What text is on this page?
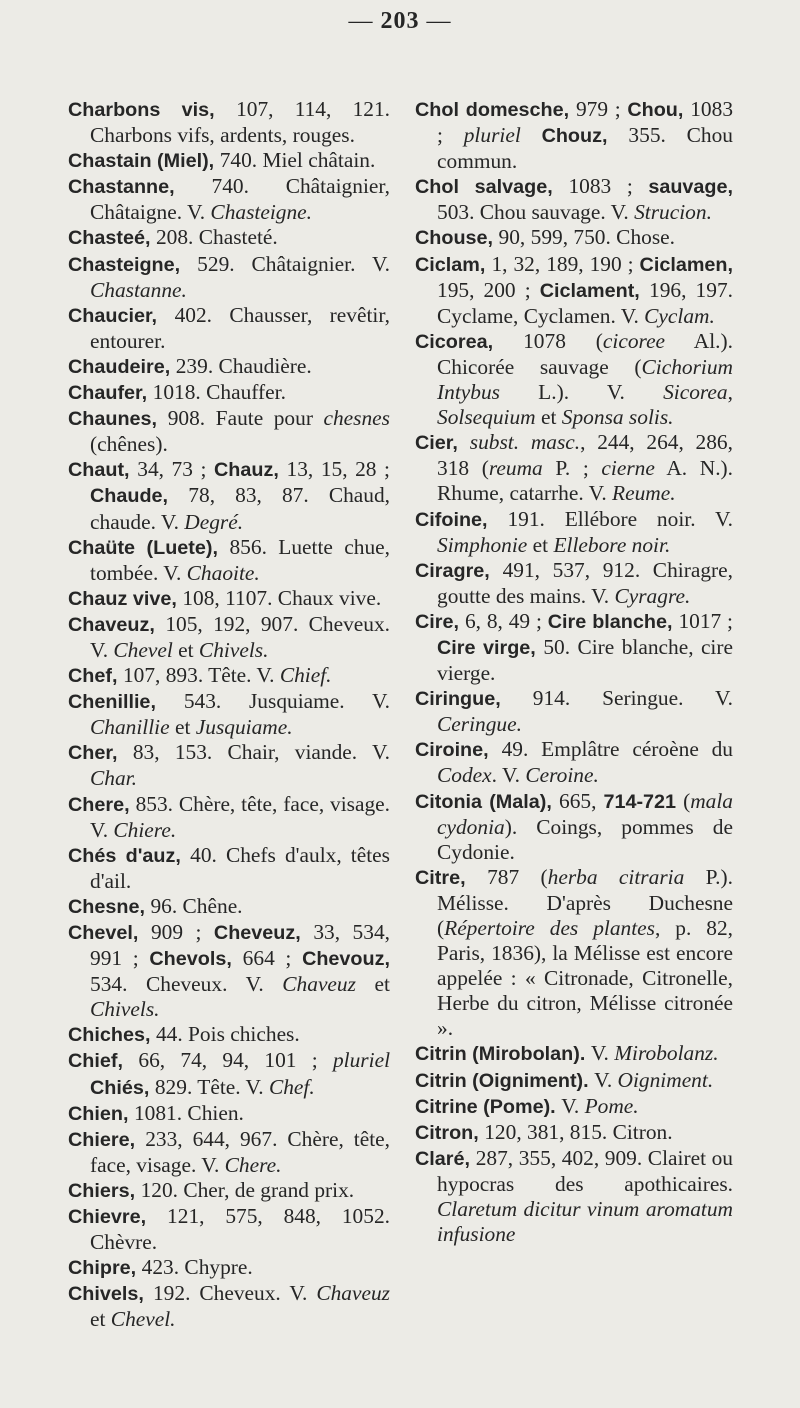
— 203 —

Charbons vis, 107, 114, 121. Charbons vifs, ardents, rouges.

Chastain (Miel), 740. Miel châtain.

Chastanne, 740. Châtaignier, Châtaigne. V. Chasteigne.

Chasteé, 208. Chasteté.

Chasteigne, 529. Châtaignier. V. Chastanne.

Chaucier, 402. Chausser, revêtir, entourer.

Chaudeire, 239. Chaudière.

Chaufer, 1018. Chauffer.

Chaunes, 908. Faute pour chesnes (chênes).

Chaut, 34, 73 ; Chauz, 13, 15, 28 ; Chaude, 78, 83, 87. Chaud, chaude. V. Degré.

Chaüte (Luete), 856. Luette chue, tombée. V. Chaoite.

Chauz vive, 108, 1107. Chaux vive.

Chaveuz, 105, 192, 907. Cheveux. V. Chevel et Chivels.

Chef, 107, 893. Tête. V. Chief.

Chenillie, 543. Jusquiame. V. Chanillie et Jusquiame.

Cher, 83, 153. Chair, viande. V. Char.

Chere, 853. Chère, tête, face, visage. V. Chiere.

Chés d'auz, 40. Chefs d'aulx, têtes d'ail.

Chesne, 96. Chêne.

Chevel, 909 ; Cheveuz, 33, 534, 991 ; Chevols, 664 ; Chevouz, 534. Cheveux. V. Chaveuz et Chivels.

Chiches, 44. Pois chiches.

Chief, 66, 74, 94, 101 ; pluriel Chiés, 829. Tête. V. Chef.

Chien, 1081. Chien.

Chiere, 233, 644, 967. Chère, tête, face, visage. V. Chere.

Chiers, 120. Cher, de grand prix.

Chievre, 121, 575, 848, 1052. Chèvre.

Chipre, 423. Chypre.

Chivels, 192. Cheveux. V. Chaveuz et Chevel.

Chol domesche, 979 ; Chou, 1083 ; pluriel Chouz, 355. Chou commun.

Chol salvage, 1083 ; sauvage, 503. Chou sauvage. V. Strucion.

Chouse, 90, 599, 750. Chose.

Ciclam, 1, 32, 189, 190 ; Ciclamen, 195, 200 ; Ciclament, 196, 197. Cyclame, Cyclamen. V. Cyclam.

Cicorea, 1078 (cicoree Al.). Chicorée sauvage (Cichorium Intybus L.). V. Sicorea, Solsequium et Sponsa solis.

Cier, subst. masc., 244, 264, 286, 318 (reuma P. ; cierne A. N.). Rhume, catarrhe. V. Reume.

Cifoine, 191. Ellébore noir. V. Simphonie et Ellebore noir.

Ciragre, 491, 537, 912. Chiragre, goutte des mains. V. Cyragre.

Cire, 6, 8, 49 ; Cire blanche, 1017 ; Cire virge, 50. Cire blanche, cire vierge.

Ciringue, 914. Seringue. V. Ceringue.

Ciroine, 49. Emplâtre céroène du Codex. V. Ceroine.

Citonia (Mala), 665, 714-721 (mala cydonia). Coings, pommes de Cydonie.

Citre, 787 (herba citraria P.). Mélisse. D'après Duchesne (Répertoire des plantes, p. 82, Paris, 1836), la Mélisse est encore appelée : « Citronade, Citronelle, Herbe du citron, Mélisse citronée ».

Citrin (Mirobolan). V. Mirobolanz.

Citrin (Oigniment). V. Oigniment.

Citrine (Pome). V. Pome.

Citron, 120, 381, 815. Citron.

Claré, 287, 355, 402, 909. Clairet ou hypocras des apothicaires. Claretum dicitur vinum aromatum infusione
